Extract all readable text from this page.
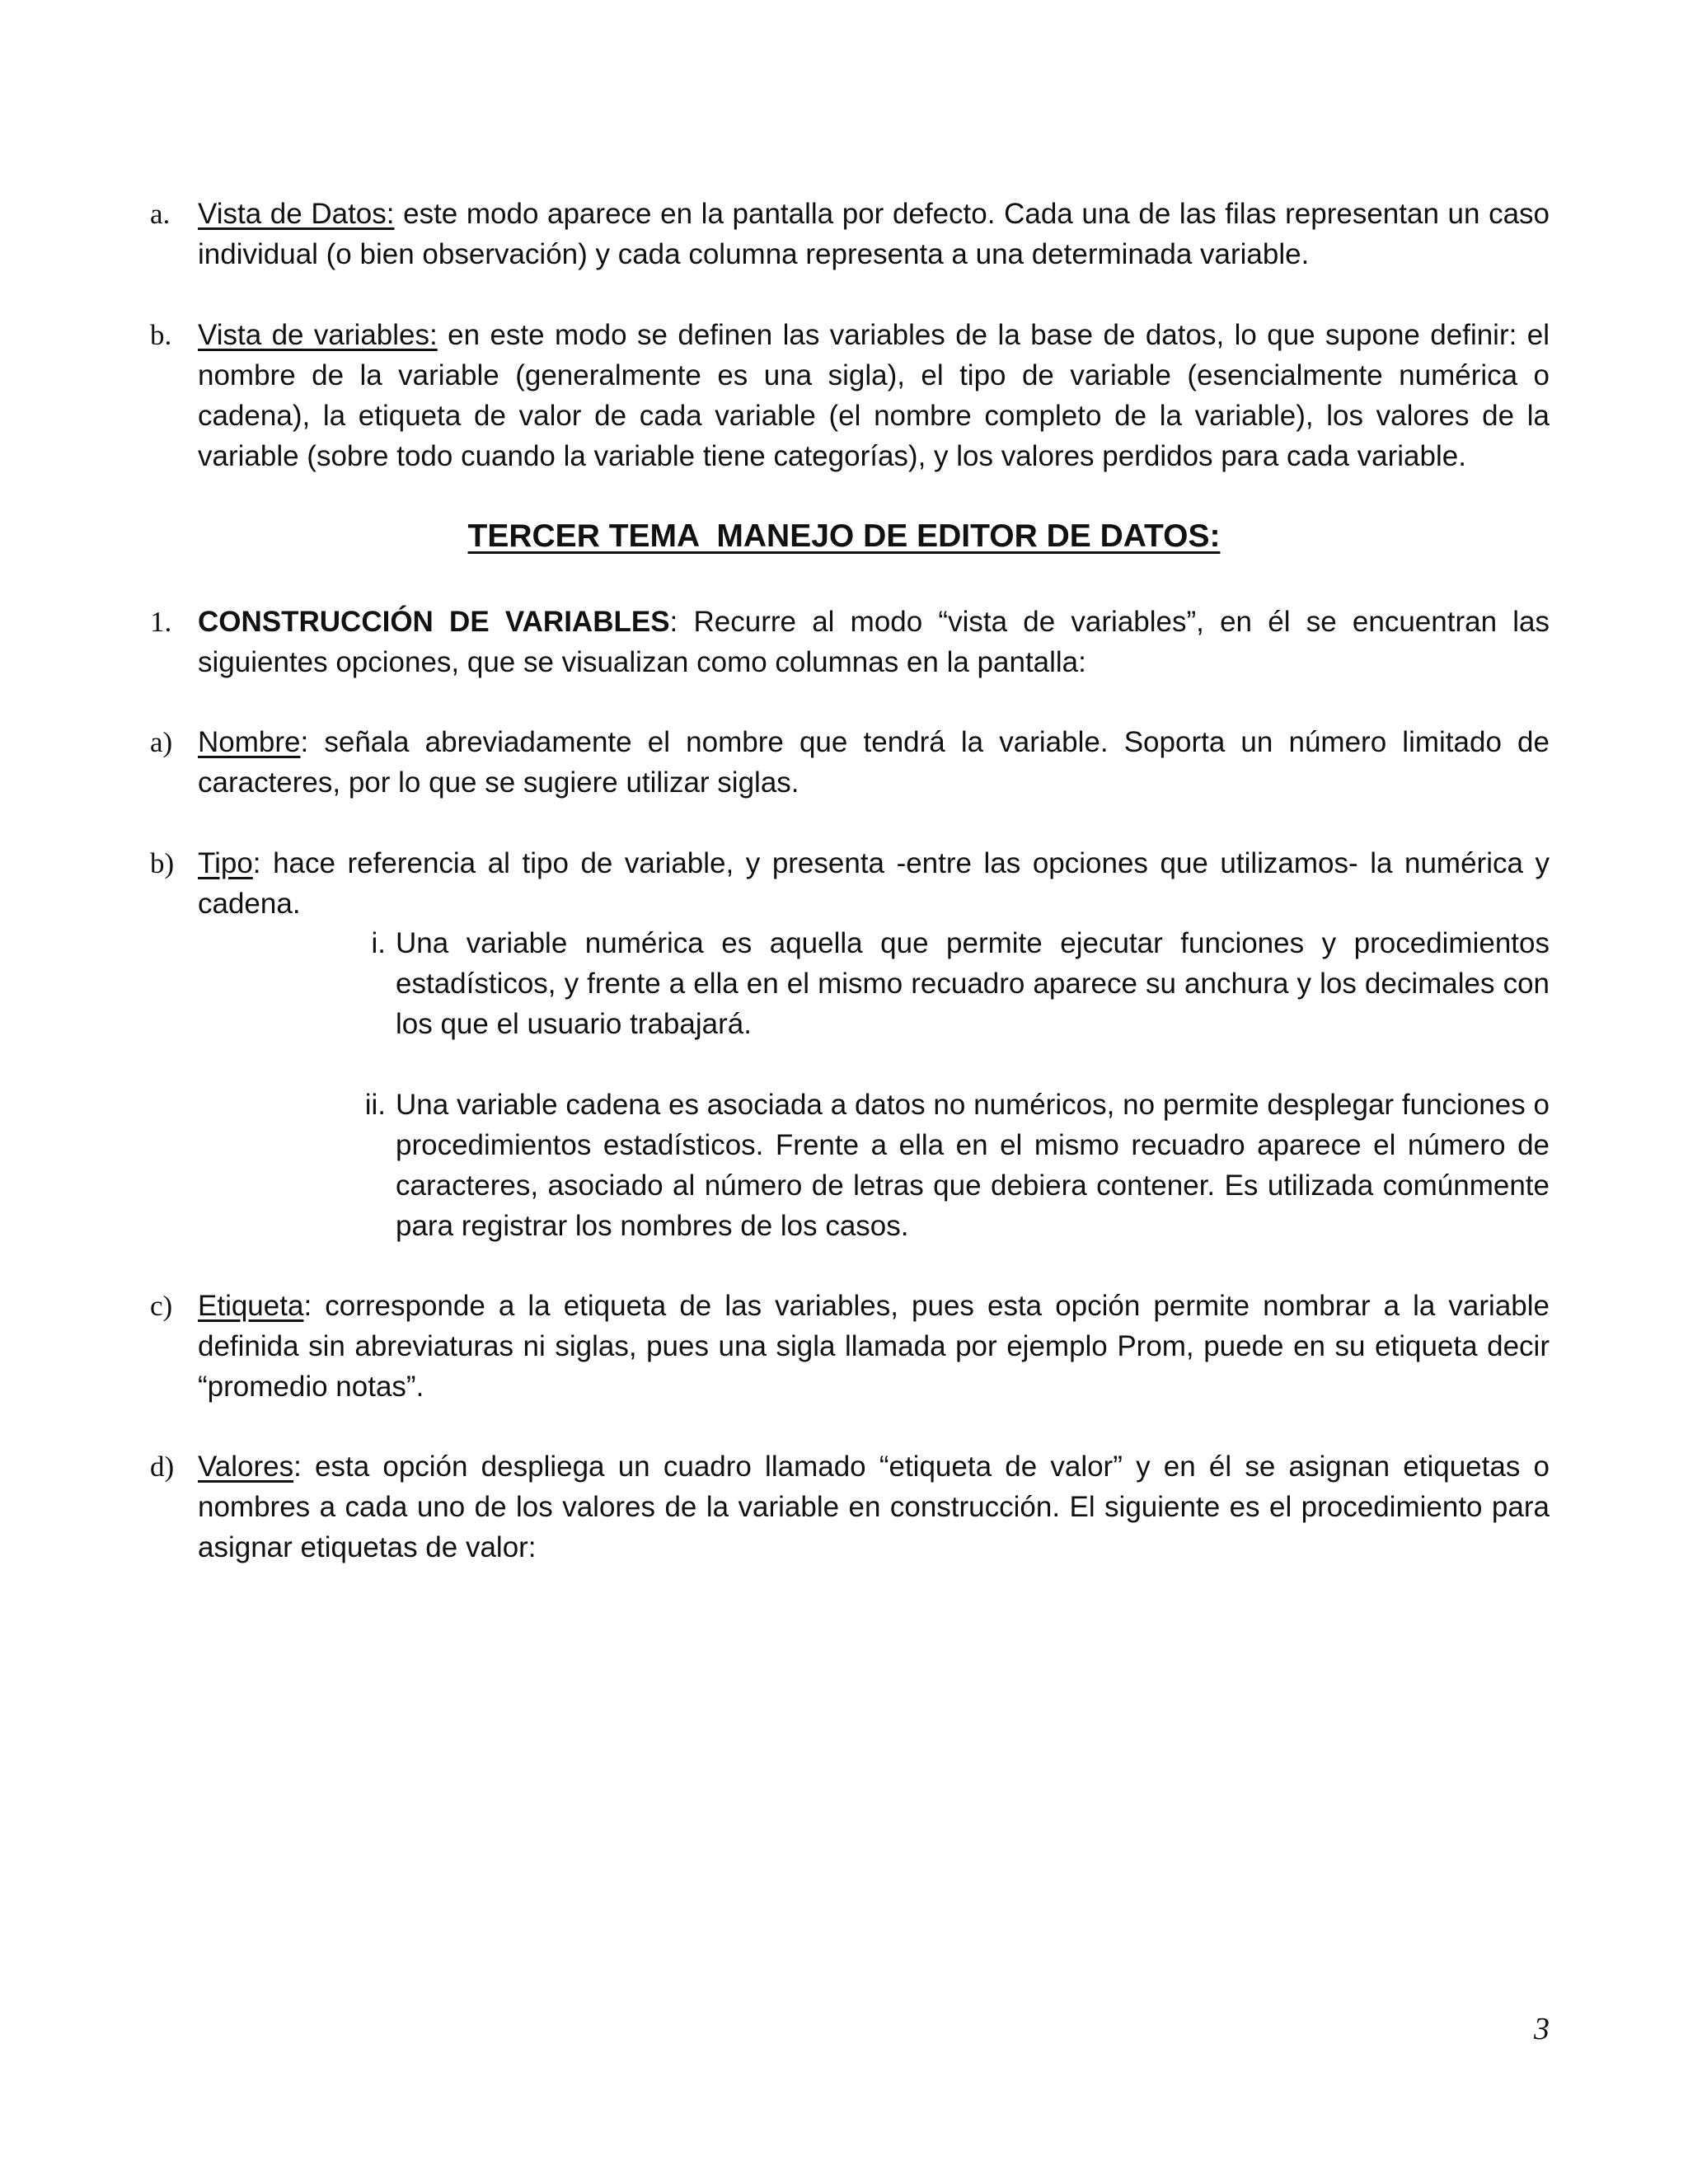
a. Vista de Datos: este modo aparece en la pantalla por defecto. Cada una de las filas representan un caso individual (o bien observación) y cada columna representa a una determinada variable.
b. Vista de variables: en este modo se definen las variables de la base de datos, lo que supone definir: el nombre de la variable (generalmente es una sigla), el tipo de variable (esencialmente numérica o cadena), la etiqueta de valor de cada variable (el nombre completo de la variable), los valores de la variable (sobre todo cuando la variable tiene categorías), y los valores perdidos para cada variable.
TERCER TEMA  MANEJO DE EDITOR DE DATOS:
1. CONSTRUCCIÓN DE VARIABLES: Recurre al modo “vista de variables”, en él se encuentran las siguientes opciones, que se visualizan como columnas en la pantalla:
a) Nombre: señala abreviadamente el nombre que tendrá la variable. Soporta un número limitado de caracteres, por lo que se sugiere utilizar siglas.
b) Tipo: hace referencia al tipo de variable, y presenta -entre las opciones que utilizamos- la numérica y cadena.
i. Una variable numérica es aquella que permite ejecutar funciones y procedimientos estadísticos, y frente a ella en el mismo recuadro aparece su anchura y los decimales con los que el usuario trabajará.
ii. Una variable cadena es asociada a datos no numéricos, no permite desplegar funciones o procedimientos estadísticos. Frente a ella en el mismo recuadro aparece el número de caracteres, asociado al número de letras que debiera contener. Es utilizada comúnmente para registrar los nombres de los casos.
c) Etiqueta: corresponde a la etiqueta de las variables, pues esta opción permite nombrar a la variable definida sin abreviaturas ni siglas, pues una sigla llamada por ejemplo Prom, puede en su etiqueta decir “promedio notas”.
d) Valores: esta opción despliega un cuadro llamado “etiqueta de valor” y en él se asignan etiquetas o nombres a cada uno de los valores de la variable en construcción. El siguiente es el procedimiento para asignar etiquetas de valor:
3
